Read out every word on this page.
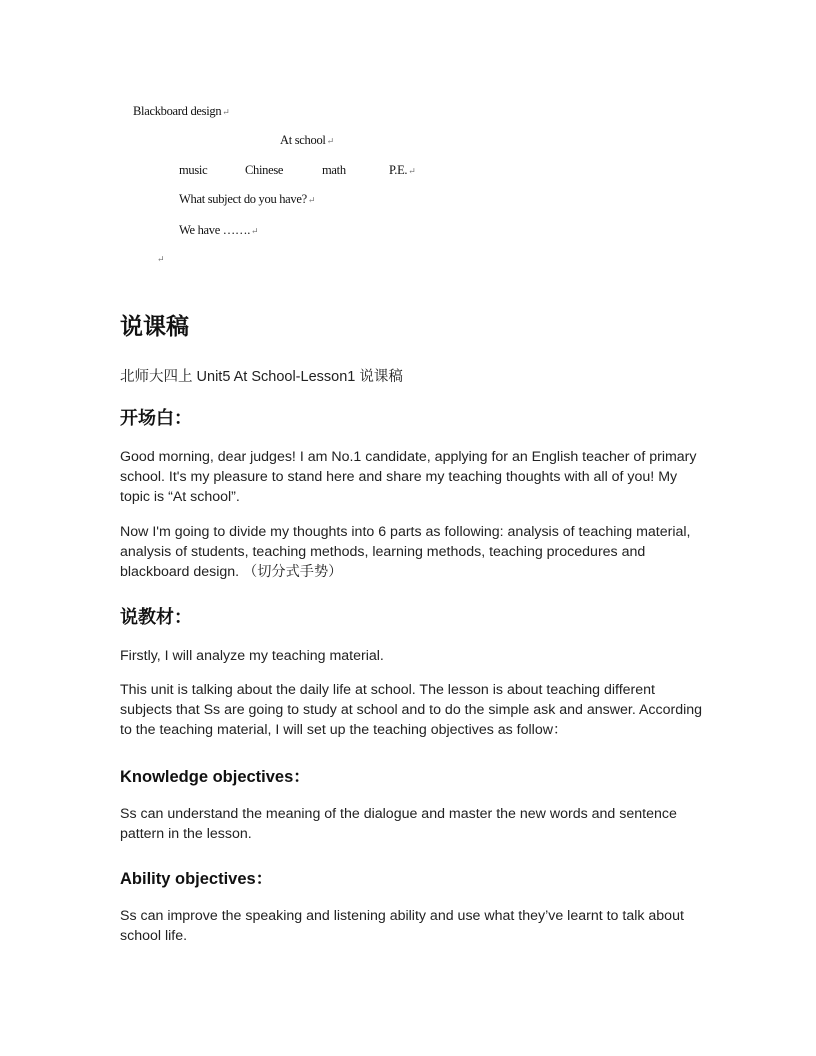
Blackboard design↵
At school↵
music	Chinese	math	P.E.↵
What subject do you have?↵
We have …….↵
↵
说课稿
北师大四上 Unit5 At School-Lesson1 说课稿
开场白：
Good morning, dear judges! I am No.1 candidate, applying for an English teacher of primary school. It's my pleasure to stand here and share my teaching thoughts with all of you! My topic is “At school”.
Now I'm going to divide my thoughts into 6 parts as following: analysis of teaching material, analysis of students, teaching methods, learning methods, teaching procedures and blackboard design. （切分式手势）
说教材：
Firstly, I will analyze my teaching material.
This unit is talking about the daily life at school. The lesson is about teaching different subjects that Ss are going to study at school and to do the simple ask and answer. According to the teaching material, I will set up the teaching objectives as follow：
Knowledge objectives：
Ss can understand the meaning of the dialogue and master the new words and sentence pattern in the lesson.
Ability objectives：
Ss can improve the speaking and listening ability and use what they’ve learnt to talk about school life.
